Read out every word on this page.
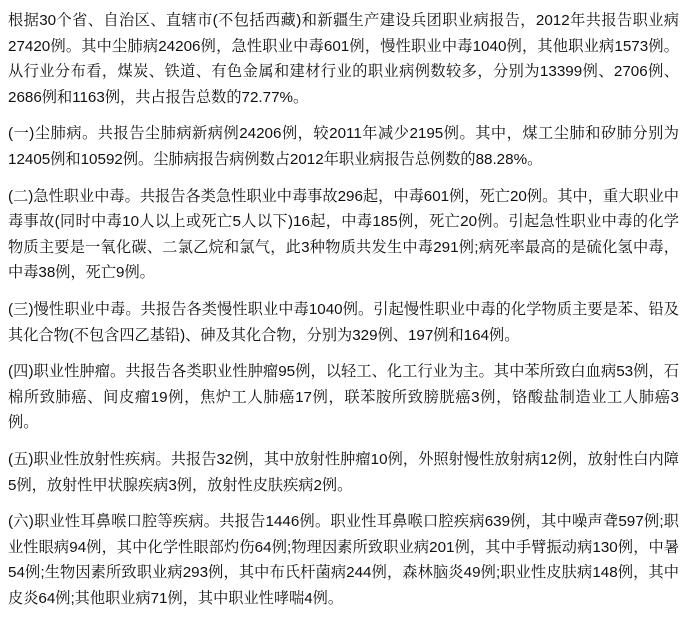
根据30个省、自治区、直辖市(不包括西藏)和新疆生产建设兵团职业病报告，2012年共报告职业病27420例。其中尘肺病24206例，急性职业中毒601例，慢性职业中毒1040例，其他职业病1573例。从行业分布看，煤炭、铁道、有色金属和建材行业的职业病例数较多，分别为13399例、2706例、2686例和1163例，共占报告总数的72.77%。

(一)尘肺病。共报告尘肺病新病例24206例，较2011年减少2195例。其中，煤工尘肺和矽肺分别为12405例和10592例。尘肺病报告病例数占2012年职业病报告总例数的88.28%。

(二)急性职业中毒。共报告各类急性职业中毒事故296起，中毒601例，死亡20例。其中，重大职业中毒事故(同时中毒10人以上或死亡5人以下)16起，中毒185例，死亡20例。引起急性职业中毒的化学物质主要是一氧化碳、二氯乙烷和氯气，此3种物质共发生中毒291例;病死率最高的是硫化氢中毒，中毒38例，死亡9例。

(三)慢性职业中毒。共报告各类慢性职业中毒1040例。引起慢性职业中毒的化学物质主要是苯、铅及其化合物(不包含四乙基铅)、砷及其化合物，分别为329例、197例和164例。

(四)职业性肿瘤。共报告各类职业性肿瘤95例，以轻工、化工行业为主。其中苯所致白血病53例，石棉所致肺癌、间皮瘤19例，焦炉工人肺癌17例，联苯胺所致膀胱癌3例，铬酸盐制造业工人肺癌3例。

(五)职业性放射性疾病。共报告32例，其中放射性肿瘤10例，外照射慢性放射病12例，放射性白内障5例，放射性甲状腺疾病3例，放射性皮肤疾病2例。

(六)职业性耳鼻喉口腔等疾病。共报告1446例。职业性耳鼻喉口腔疾病639例，其中噪声聋597例;职业性眼病94例，其中化学性眼部灼伤64例;物理因素所致职业病201例，其中手臂振动病130例，中暑54例;生物因素所致职业病293例，其中布氏杆菌病244例，森林脑炎49例;职业性皮肤病148例，其中皮炎64例;其他职业病71例，其中职业性哮喘4例。
